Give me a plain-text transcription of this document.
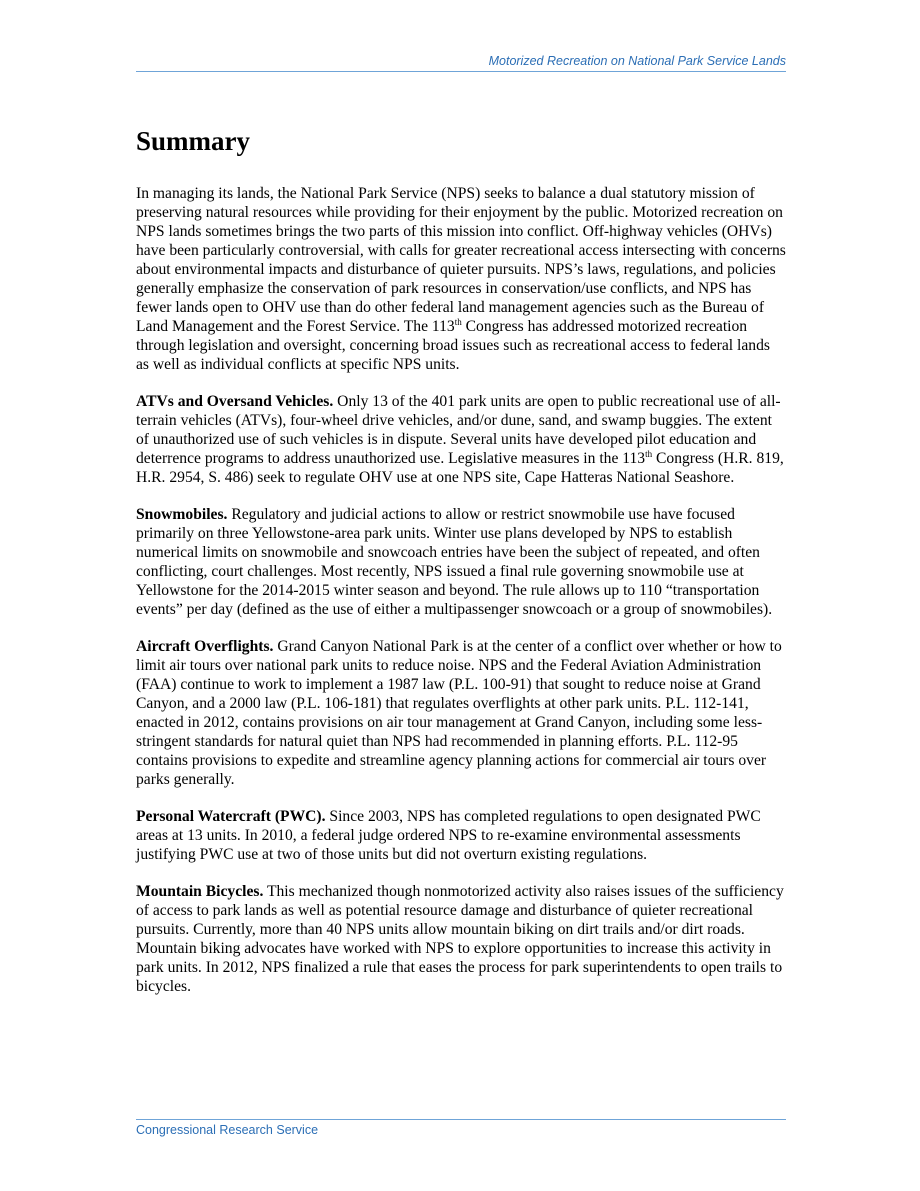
Motorized Recreation on National Park Service Lands
Summary

In managing its lands, the National Park Service (NPS) seeks to balance a dual statutory mission of preserving natural resources while providing for their enjoyment by the public. Motorized recreation on NPS lands sometimes brings the two parts of this mission into conflict. Off-highway vehicles (OHVs) have been particularly controversial, with calls for greater recreational access intersecting with concerns about environmental impacts and disturbance of quieter pursuits. NPS’s laws, regulations, and policies generally emphasize the conservation of park resources in conservation/use conflicts, and NPS has fewer lands open to OHV use than do other federal land management agencies such as the Bureau of Land Management and the Forest Service. The 113th Congress has addressed motorized recreation through legislation and oversight, concerning broad issues such as recreational access to federal lands as well as individual conflicts at specific NPS units.

ATVs and Oversand Vehicles. Only 13 of the 401 park units are open to public recreational use of all-terrain vehicles (ATVs), four-wheel drive vehicles, and/or dune, sand, and swamp buggies. The extent of unauthorized use of such vehicles is in dispute. Several units have developed pilot education and deterrence programs to address unauthorized use. Legislative measures in the 113th Congress (H.R. 819, H.R. 2954, S. 486) seek to regulate OHV use at one NPS site, Cape Hatteras National Seashore.

Snowmobiles. Regulatory and judicial actions to allow or restrict snowmobile use have focused primarily on three Yellowstone-area park units. Winter use plans developed by NPS to establish numerical limits on snowmobile and snowcoach entries have been the subject of repeated, and often conflicting, court challenges. Most recently, NPS issued a final rule governing snowmobile use at Yellowstone for the 2014-2015 winter season and beyond. The rule allows up to 110 “transportation events” per day (defined as the use of either a multipassenger snowcoach or a group of snowmobiles).

Aircraft Overflights. Grand Canyon National Park is at the center of a conflict over whether or how to limit air tours over national park units to reduce noise. NPS and the Federal Aviation Administration (FAA) continue to work to implement a 1987 law (P.L. 100-91) that sought to reduce noise at Grand Canyon, and a 2000 law (P.L. 106-181) that regulates overflights at other park units. P.L. 112-141, enacted in 2012, contains provisions on air tour management at Grand Canyon, including some less-stringent standards for natural quiet than NPS had recommended in planning efforts. P.L. 112-95 contains provisions to expedite and streamline agency planning actions for commercial air tours over parks generally.

Personal Watercraft (PWC). Since 2003, NPS has completed regulations to open designated PWC areas at 13 units. In 2010, a federal judge ordered NPS to re-examine environmental assessments justifying PWC use at two of those units but did not overturn existing regulations.

Mountain Bicycles. This mechanized though nonmotorized activity also raises issues of the sufficiency of access to park lands as well as potential resource damage and disturbance of quieter recreational pursuits. Currently, more than 40 NPS units allow mountain biking on dirt trails and/or dirt roads. Mountain biking advocates have worked with NPS to explore opportunities to increase this activity in park units. In 2012, NPS finalized a rule that eases the process for park superintendents to open trails to bicycles.

Congressional Research Service
